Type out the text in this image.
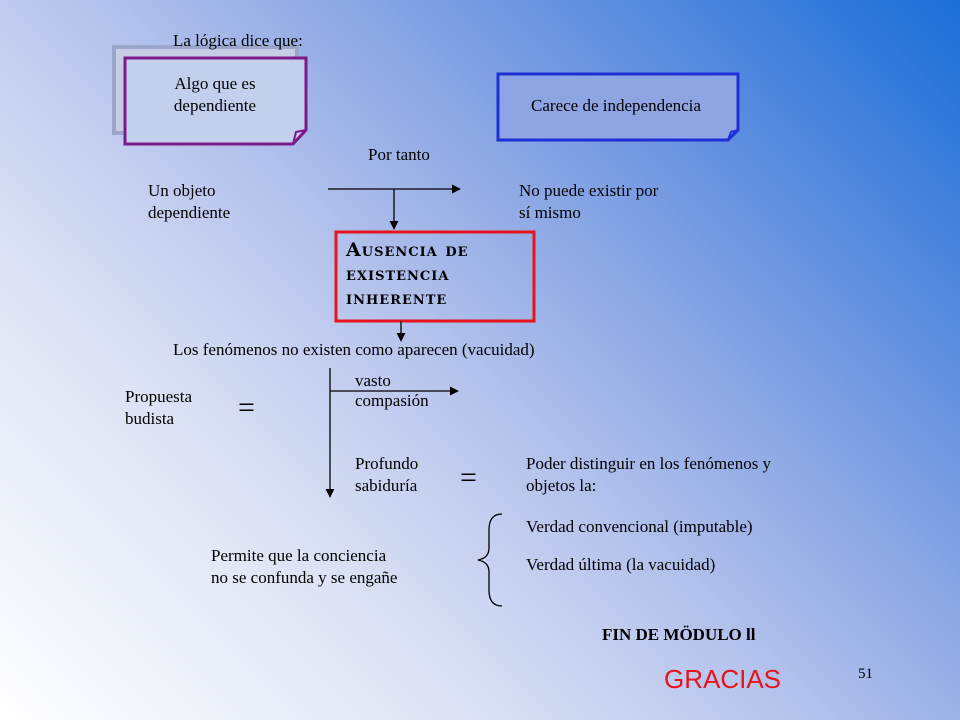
La lógica dice que:
Algo que es
dependiente	Carece de independencia
Por tanto
Un objeto
dependiente
No puede existir por
sí mismo
Ausencia de
existencia
inherente
Los fenómenos no existen como aparecen (vacuidad)
Propuesta
budista	=
vasto
compasión
Profundo
sabiduría =	Poder distinguir en los fenómenos y
objetos la:
Verdad convencional (imputable)
Verdad última (la vacuidad)
Permite que la conciencia
no se confunda y se engañe
FIN DE MÖDULO ll
GRACIAS	51
